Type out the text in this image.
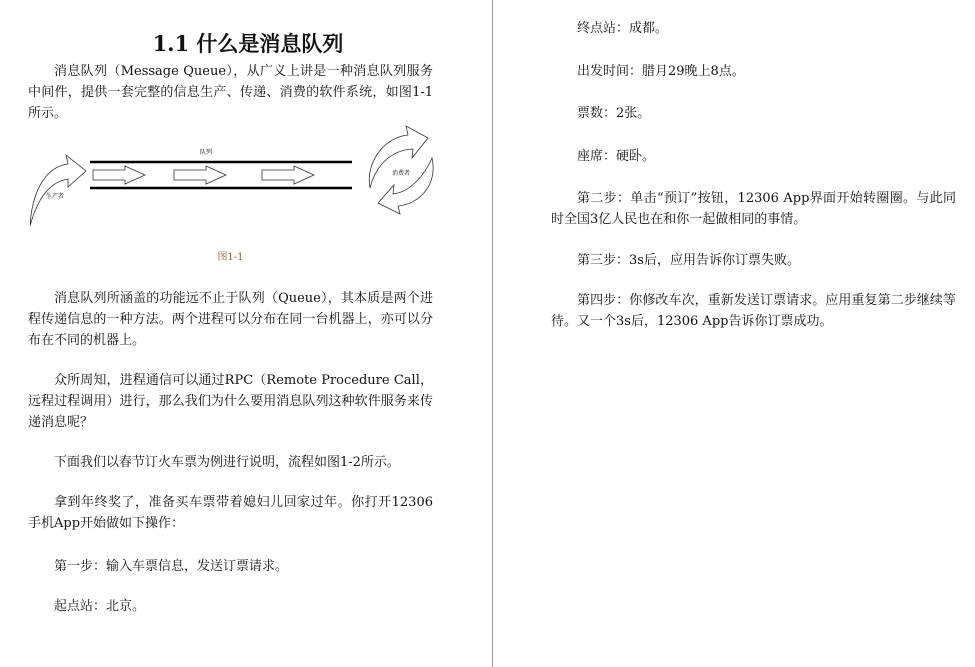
1.1 什么是消息队列

消息队列（Message Queue），从广义上讲是一种消息队列服务中间件，提供一套完整的信息生产、传递、消费的软件系统，如图1-1所示。

队列
生产者
消费者
图1-1

消息队列所涵盖的功能远不止于队列（Queue），其本质是两个进程传递信息的一种方法。两个进程可以分布在同一台机器上，亦可以分布在不同的机器上。

众所周知，进程通信可以通过RPC（Remote Procedure Call，远程过程调用）进行，那么我们为什么要用消息队列这种软件服务来传递消息呢？

下面我们以春节订火车票为例进行说明，流程如图1-2所示。

拿到年终奖了，准备买车票带着媳妇儿回家过年。你打开12306手机App开始做如下操作：

第一步：输入车票信息，发送订票请求。

起点站：北京。

终点站：成都。

出发时间：腊月29晚上8点。

票数：2张。

座席：硬卧。

第二步：单击“预订”按钮，12306 App界面开始转圈圈。与此同时全国3亿人民也在和你一起做相同的事情。

第三步：3s后，应用告诉你订票失败。

第四步：你修改车次，重新发送订票请求。应用重复第二步继续等待。又一个3s后，12306 App告诉你订票成功。
